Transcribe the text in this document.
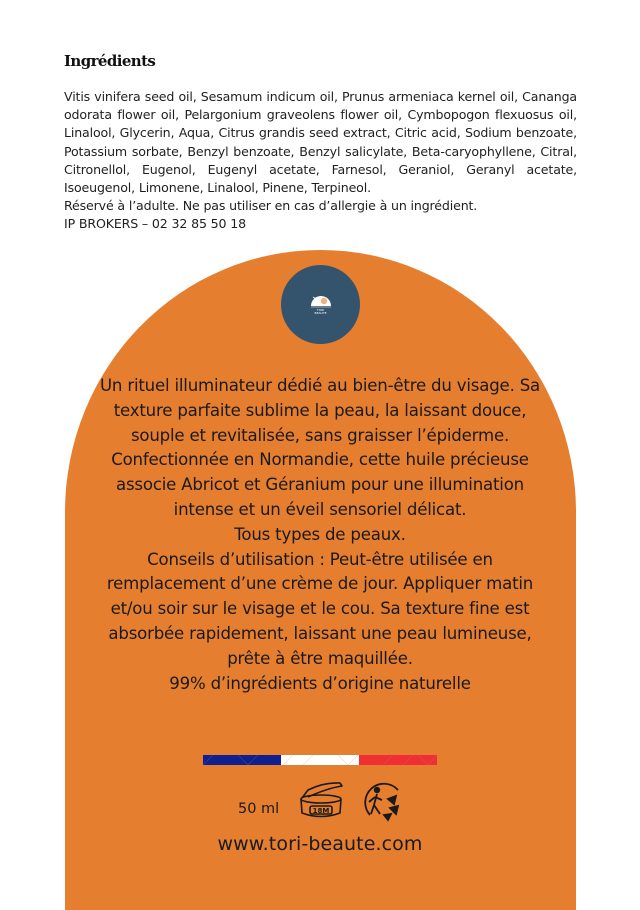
Ingrédients

Vitis vinifera seed oil, Sesamum indicum oil, Prunus armeniaca kernel oil, Cananga odorata flower oil, Pelargonium graveolens flower oil, Cymbopogon flexuosus oil, Linalool, Glycerin, Aqua, Citrus grandis seed extract, Citric acid, Sodium benzoate, Potassium sorbate, Benzyl benzoate, Benzyl salicylate, Beta-caryophyllene, Citral, Citronellol, Eugenol, Eugenyl acetate, Farnesol, Geraniol, Geranyl acetate, Isoeugenol, Limonene, Linalool, Pinene, Terpineol.

Réservé à l’adulte. Ne pas utiliser en cas d’allergie à un ingrédient.

IP BROKERS – 02 32 85 50 18

TORI
BEAUTE

Un rituel illuminateur dédié au bien-être du visage. Sa texture parfaite sublime la peau, la laissant douce, souple et revitalisée, sans graisser l’épiderme.

Confectionnée en Normandie, cette huile précieuse associe Abricot et Géranium pour une illumination intense et un éveil sensoriel délicat.

Tous types de peaux.

Conseils d’utilisation : Peut-être utilisée en remplacement d’une crème de jour. Appliquer matin et/ou soir sur le visage et le cou. Sa texture fine est absorbée rapidement, laissant une peau lumineuse, prête à être maquillée.

99% d’ingrédients d’origine naturelle

50 ml	18M
www.tori-beaute.com
